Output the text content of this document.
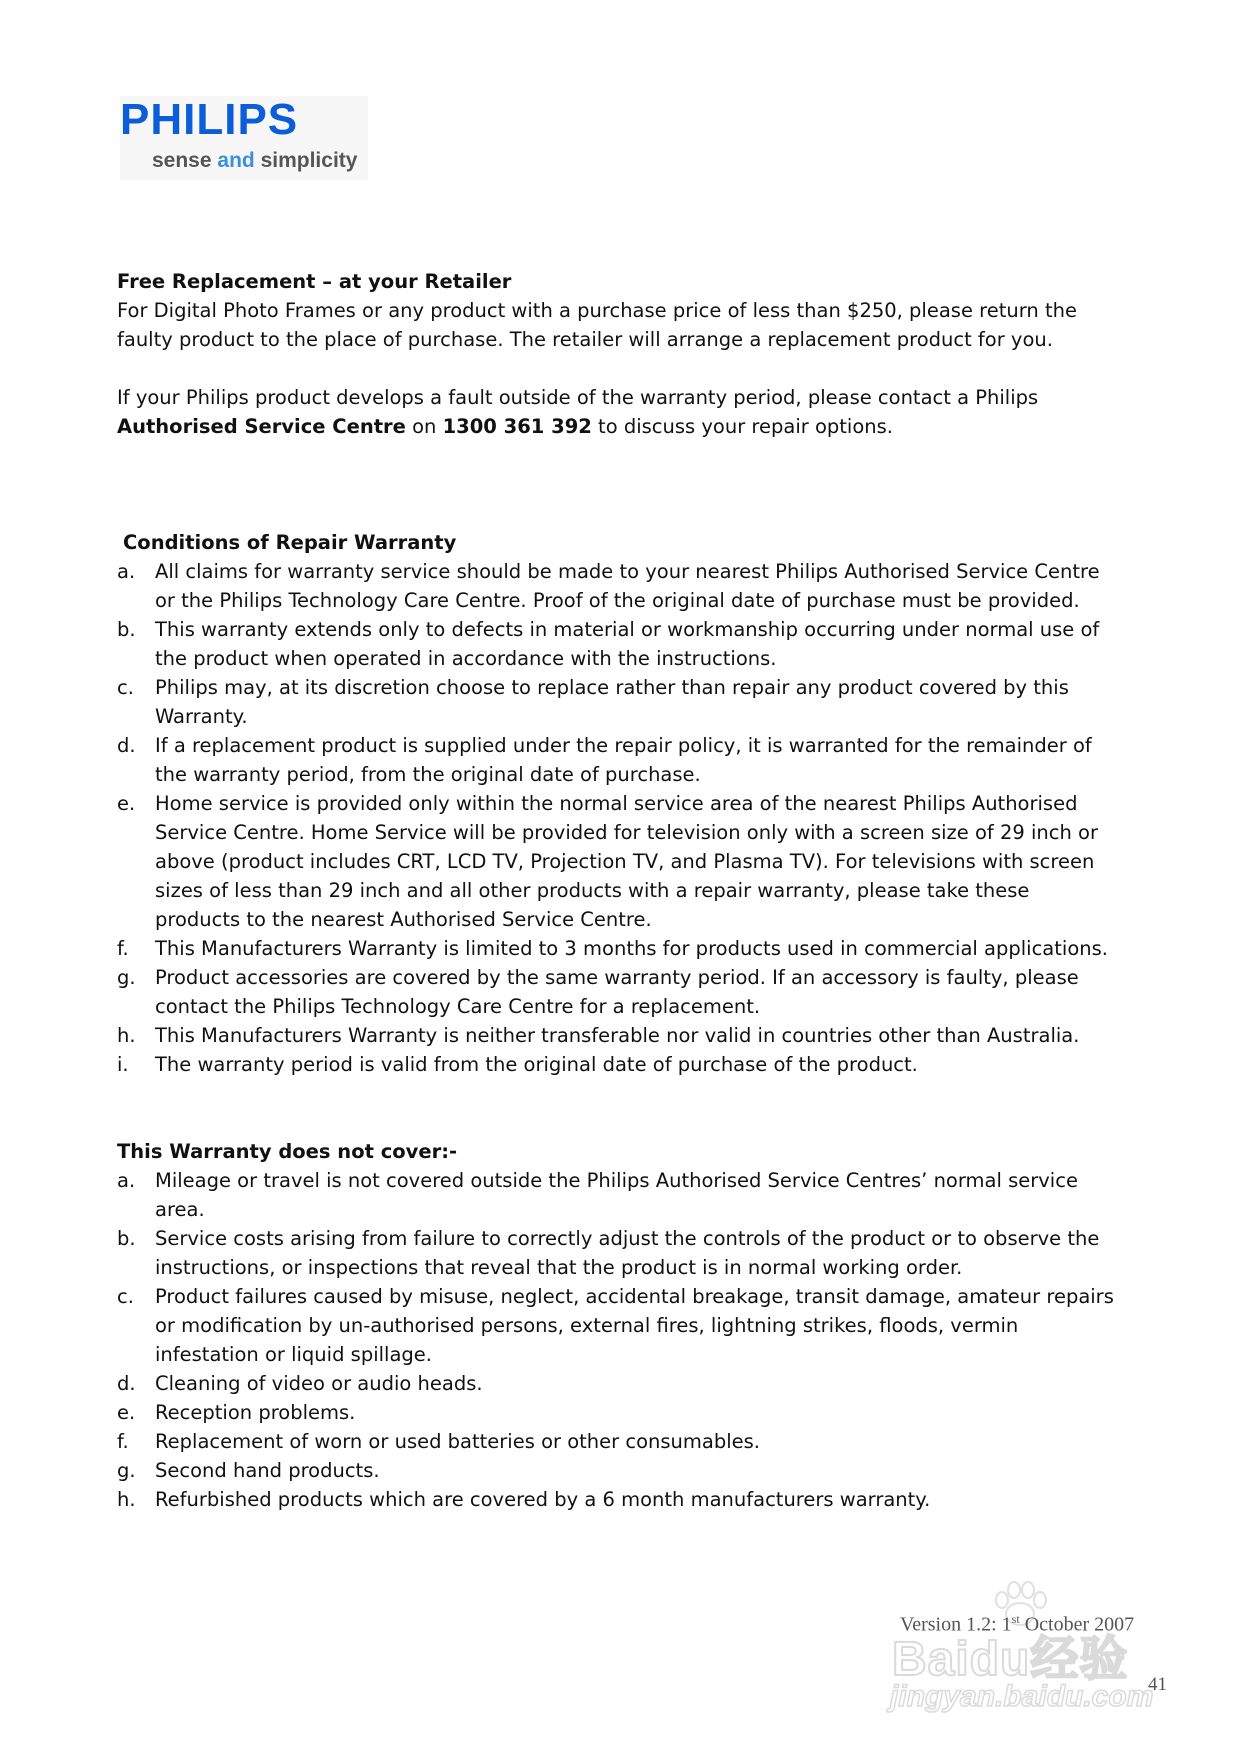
PHILIPS
sense and simplicity

Free Replacement – at your Retailer

For Digital Photo Frames or any product with a purchase price of less than $250, please return the faulty product to the place of purchase. The retailer will arrange a replacement product for you.

If your Philips product develops a fault outside of the warranty period, please contact a Philips Authorised Service Centre on 1300 361 392 to discuss your repair options.

Conditions of Repair Warranty

a.	All claims for warranty service should be made to your nearest Philips Authorised Service Centre or the Philips Technology Care Centre. Proof of the original date of purchase must be provided.
b. This warranty extends only to defects in material or workmanship occurring under normal use of the product when operated in accordance with the instructions.
c.	Philips may, at its discretion choose to replace rather than repair any product covered by this Warranty.
d. If a replacement product is supplied under the repair policy, it is warranted for the remainder of the warranty period, from the original date of purchase.
e.	Home service is provided only within the normal service area of the nearest Philips Authorised Service Centre. Home Service will be provided for television only with a screen size of 29 inch or above (product includes CRT, LCD TV, Projection TV, and Plasma TV). For televisions with screen sizes of less than 29 inch and all other products with a repair warranty, please take these products to the nearest Authorised Service Centre.
f.	This Manufacturers Warranty is limited to 3 months for products used in commercial applications.
g. Product accessories are covered by the same warranty period. If an accessory is faulty, please contact the Philips Technology Care Centre for a replacement.
h. This Manufacturers Warranty is neither transferable nor valid in countries other than Australia.
i.	The warranty period is valid from the original date of purchase of the product.

This Warranty does not cover:-

a.	Mileage or travel is not covered outside the Philips Authorised Service Centres’ normal service area.
b. Service costs arising from failure to correctly adjust the controls of the product or to observe the instructions, or inspections that reveal that the product is in normal working order.
c.	Product failures caused by misuse, neglect, accidental breakage, transit damage, amateur repairs or modification by un-authorised persons, external fires, lightning strikes, floods, vermin infestation or liquid spillage.
d. Cleaning of video or audio heads.
e.	Reception problems.
f.	Replacement of worn or used batteries or other consumables.
g. Second hand products.
h. Refurbished products which are covered by a 6 month manufacturers warranty.
Baidu经验
jingyan.baidu.com
Version 1.2: 1st October 2007
41
